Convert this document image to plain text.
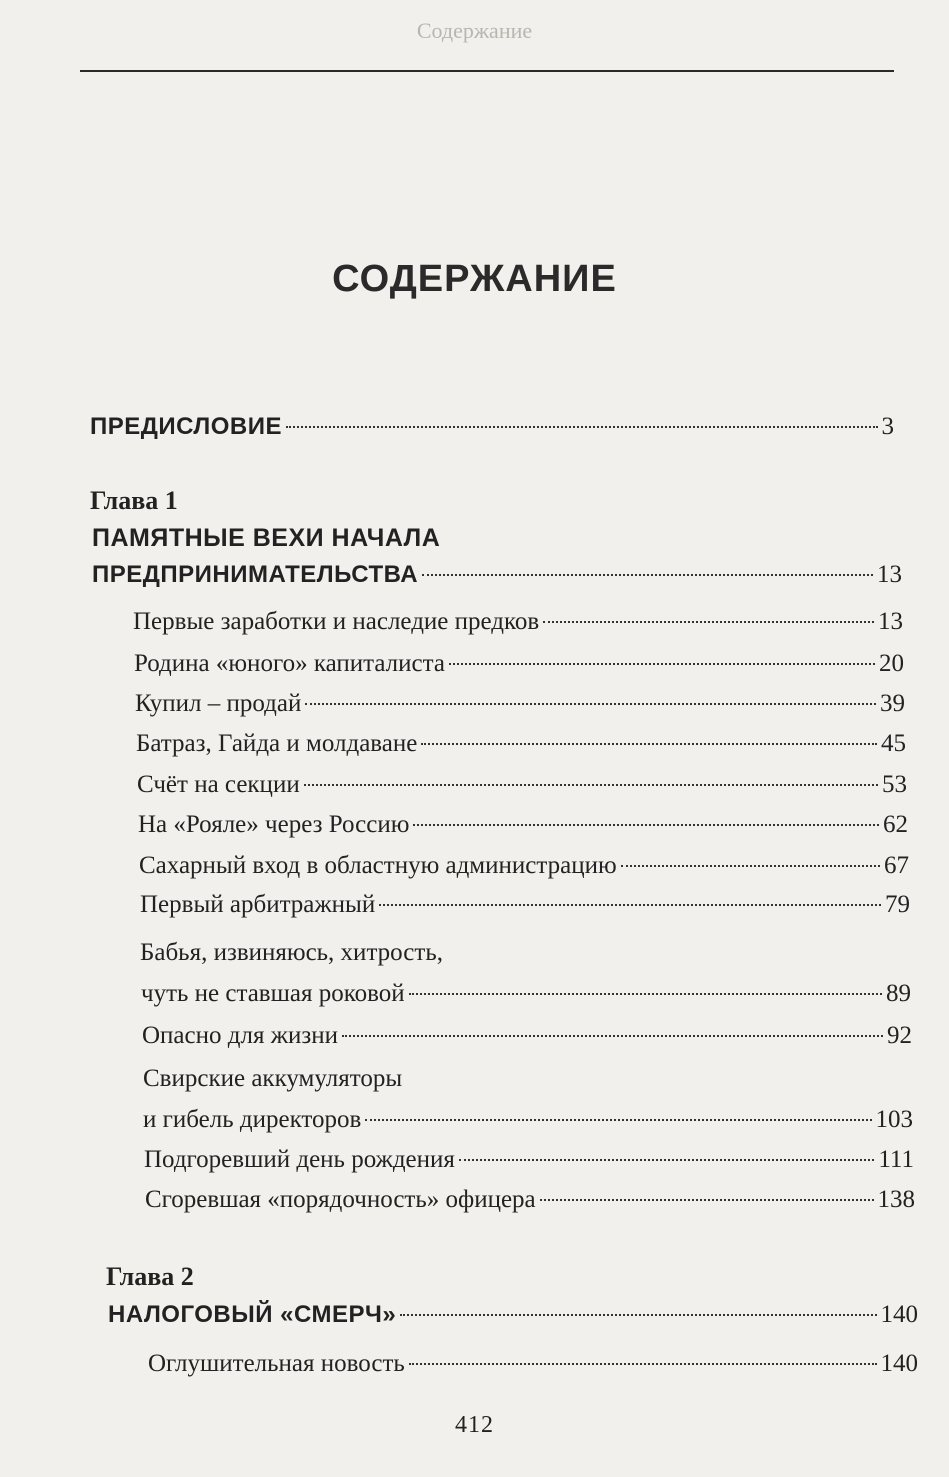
Содержание
СОДЕРЖАНИЕ
ПРЕДИСЛОВИЕ	3
Глава 1
ПАМЯТНЫЕ ВЕХИ НАЧАЛА
ПРЕДПРИНИМАТЕЛЬСТВА	13
Первые заработки и наследие предков	13
Родина «юного» капиталиста	20
Купил – продай	39
Батраз, Гайда и молдаване	45
Счёт на секции	53
На «Рояле» через Россию	62
Сахарный вход в областную администрацию	67
Первый арбитражный	79
Бабья, извиняюсь, хитрость,
чуть не ставшая роковой	89
Опасно для жизни	92
Свирские аккумуляторы
и гибель директоров	103
Подгоревший день рождения	111
Сгоревшая «порядочность» офицера	138
Глава 2
НАЛОГОВЫЙ «СМЕРЧ»	140
Оглушительная новость	140
412
